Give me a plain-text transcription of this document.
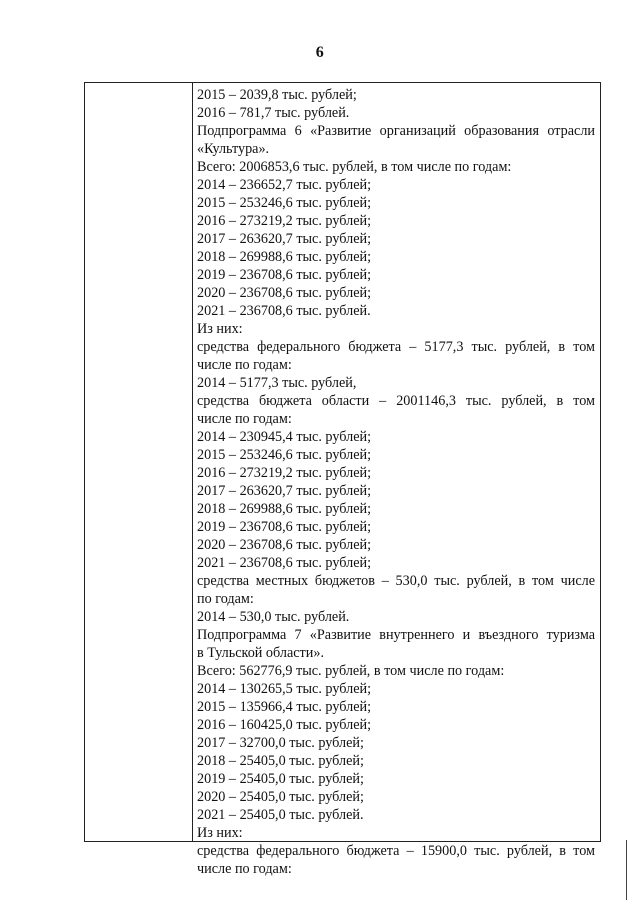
6
2015 – 2039,8 тыс. рублей;
2016 – 781,7 тыс. рублей.
Подпрограмма 6 «Развитие организаций образования отрасли
«Культура».
Всего: 2006853,6 тыс. рублей, в том числе по годам:
2014 – 236652,7 тыс. рублей;
2015 – 253246,6 тыс. рублей;
2016 – 273219,2 тыс. рублей;
2017 – 263620,7 тыс. рублей;
2018 – 269988,6 тыс. рублей;
2019 – 236708,6 тыс. рублей;
2020 – 236708,6 тыс. рублей;
2021 – 236708,6 тыс. рублей.
Из них:
средства федерального бюджета – 5177,3 тыс. рублей, в том
числе по годам:
2014 – 5177,3 тыс. рублей,
средства бюджета области – 2001146,3 тыс. рублей, в том
числе по годам:
2014 – 230945,4 тыс. рублей;
2015 – 253246,6 тыс. рублей;
2016 – 273219,2 тыс. рублей;
2017 – 263620,7 тыс. рублей;
2018 – 269988,6 тыс. рублей;
2019 – 236708,6 тыс. рублей;
2020 – 236708,6 тыс. рублей;
2021 – 236708,6 тыс. рублей;
средства местных бюджетов – 530,0 тыс. рублей, в том числе
по годам:
2014 – 530,0 тыс. рублей.
Подпрограмма 7 «Развитие внутреннего и въездного туризма
в Тульской области».
Всего: 562776,9 тыс. рублей, в том числе по годам:
2014 – 130265,5 тыс. рублей;
2015 – 135966,4 тыс. рублей;
2016 – 160425,0 тыс. рублей;
2017 – 32700,0 тыс. рублей;
2018 – 25405,0 тыс. рублей;
2019 – 25405,0 тыс. рублей;
2020 – 25405,0 тыс. рублей;
2021 – 25405,0 тыс. рублей.
Из них:
средства федерального бюджета – 15900,0 тыс. рублей, в том
числе по годам:
